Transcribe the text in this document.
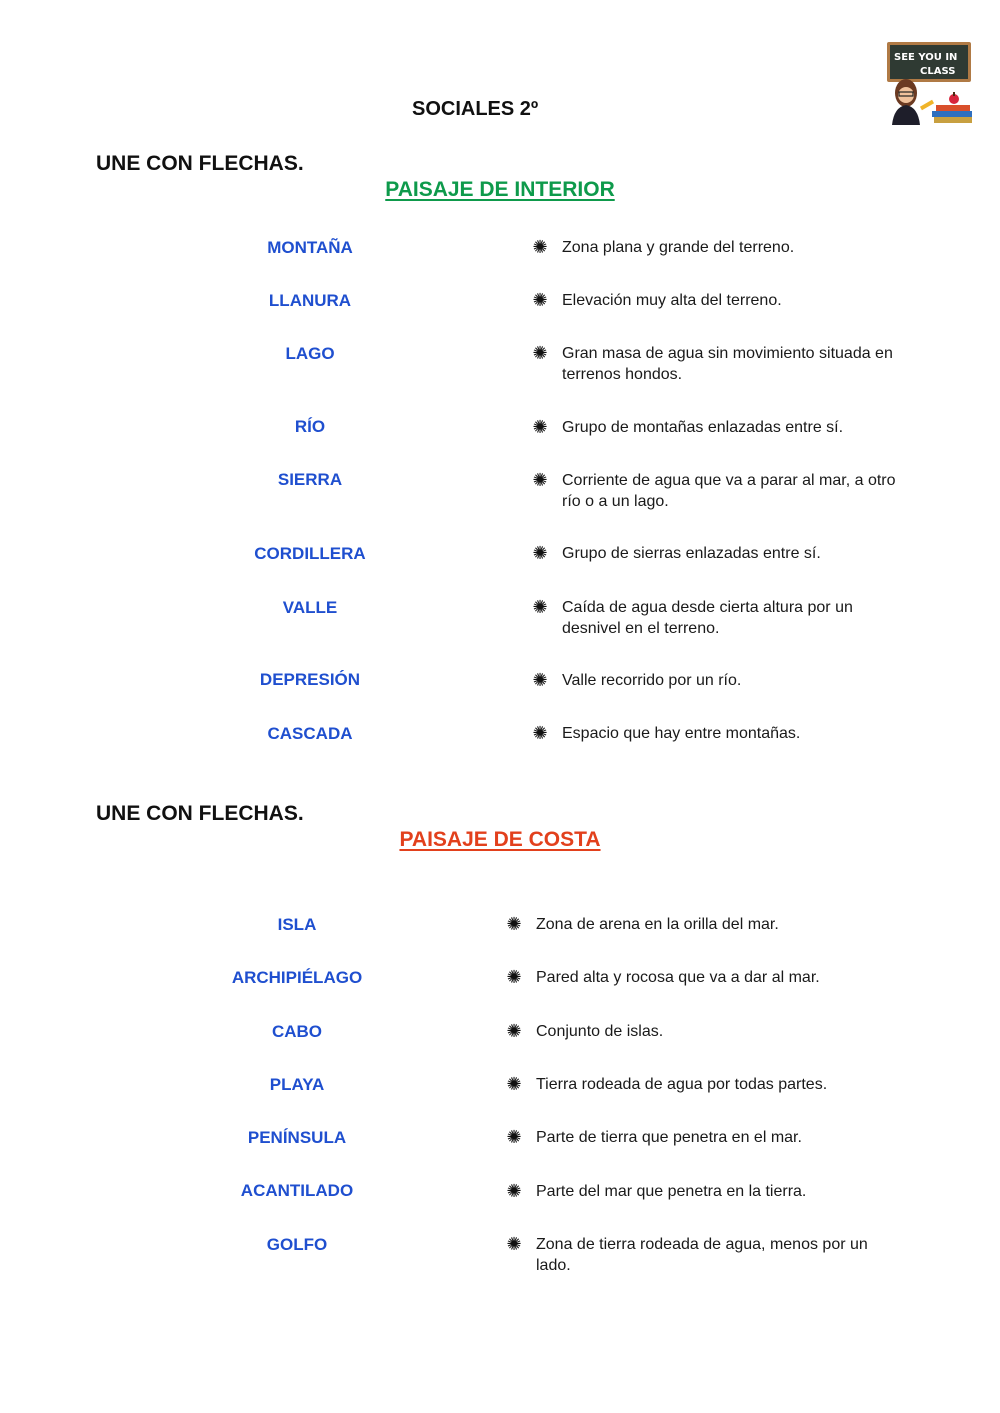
SOCIALES 2º
SEE YOU IN
CLASS
UNE CON FLECHAS.
PAISAJE DE INTERIOR
MONTAÑA
LLANURA
LAGO
RÍO
SIERRA
CORDILLERA
VALLE
DEPRESIÓN
CASCADA
✺ Zona plana y grande del terreno.
✺ Elevación muy alta del terreno.
✺ Gran masa de agua sin movimiento situada en terrenos hondos.
✺ Grupo de montañas enlazadas entre sí.
✺ Corriente de agua que va a parar al mar, a otro río o a un lago.
✺ Grupo de sierras enlazadas entre sí.
✺ Caída de agua desde cierta altura por un desnivel en el terreno.
✺ Valle recorrido por un río.
✺ Espacio que hay entre montañas.
UNE CON FLECHAS.
PAISAJE DE COSTA
ISLA
ARCHIPIÉLAGO
CABO
PLAYA
PENÍNSULA
ACANTILADO
GOLFO
✺ Zona de arena en la orilla del mar.
✺ Pared alta y rocosa que va a dar al mar.
✺ Conjunto de islas.
✺ Tierra rodeada de agua por todas partes.
✺ Parte de tierra que penetra en el mar.
✺ Parte del mar que penetra en la tierra.
✺ Zona de tierra rodeada de agua, menos por un lado.
